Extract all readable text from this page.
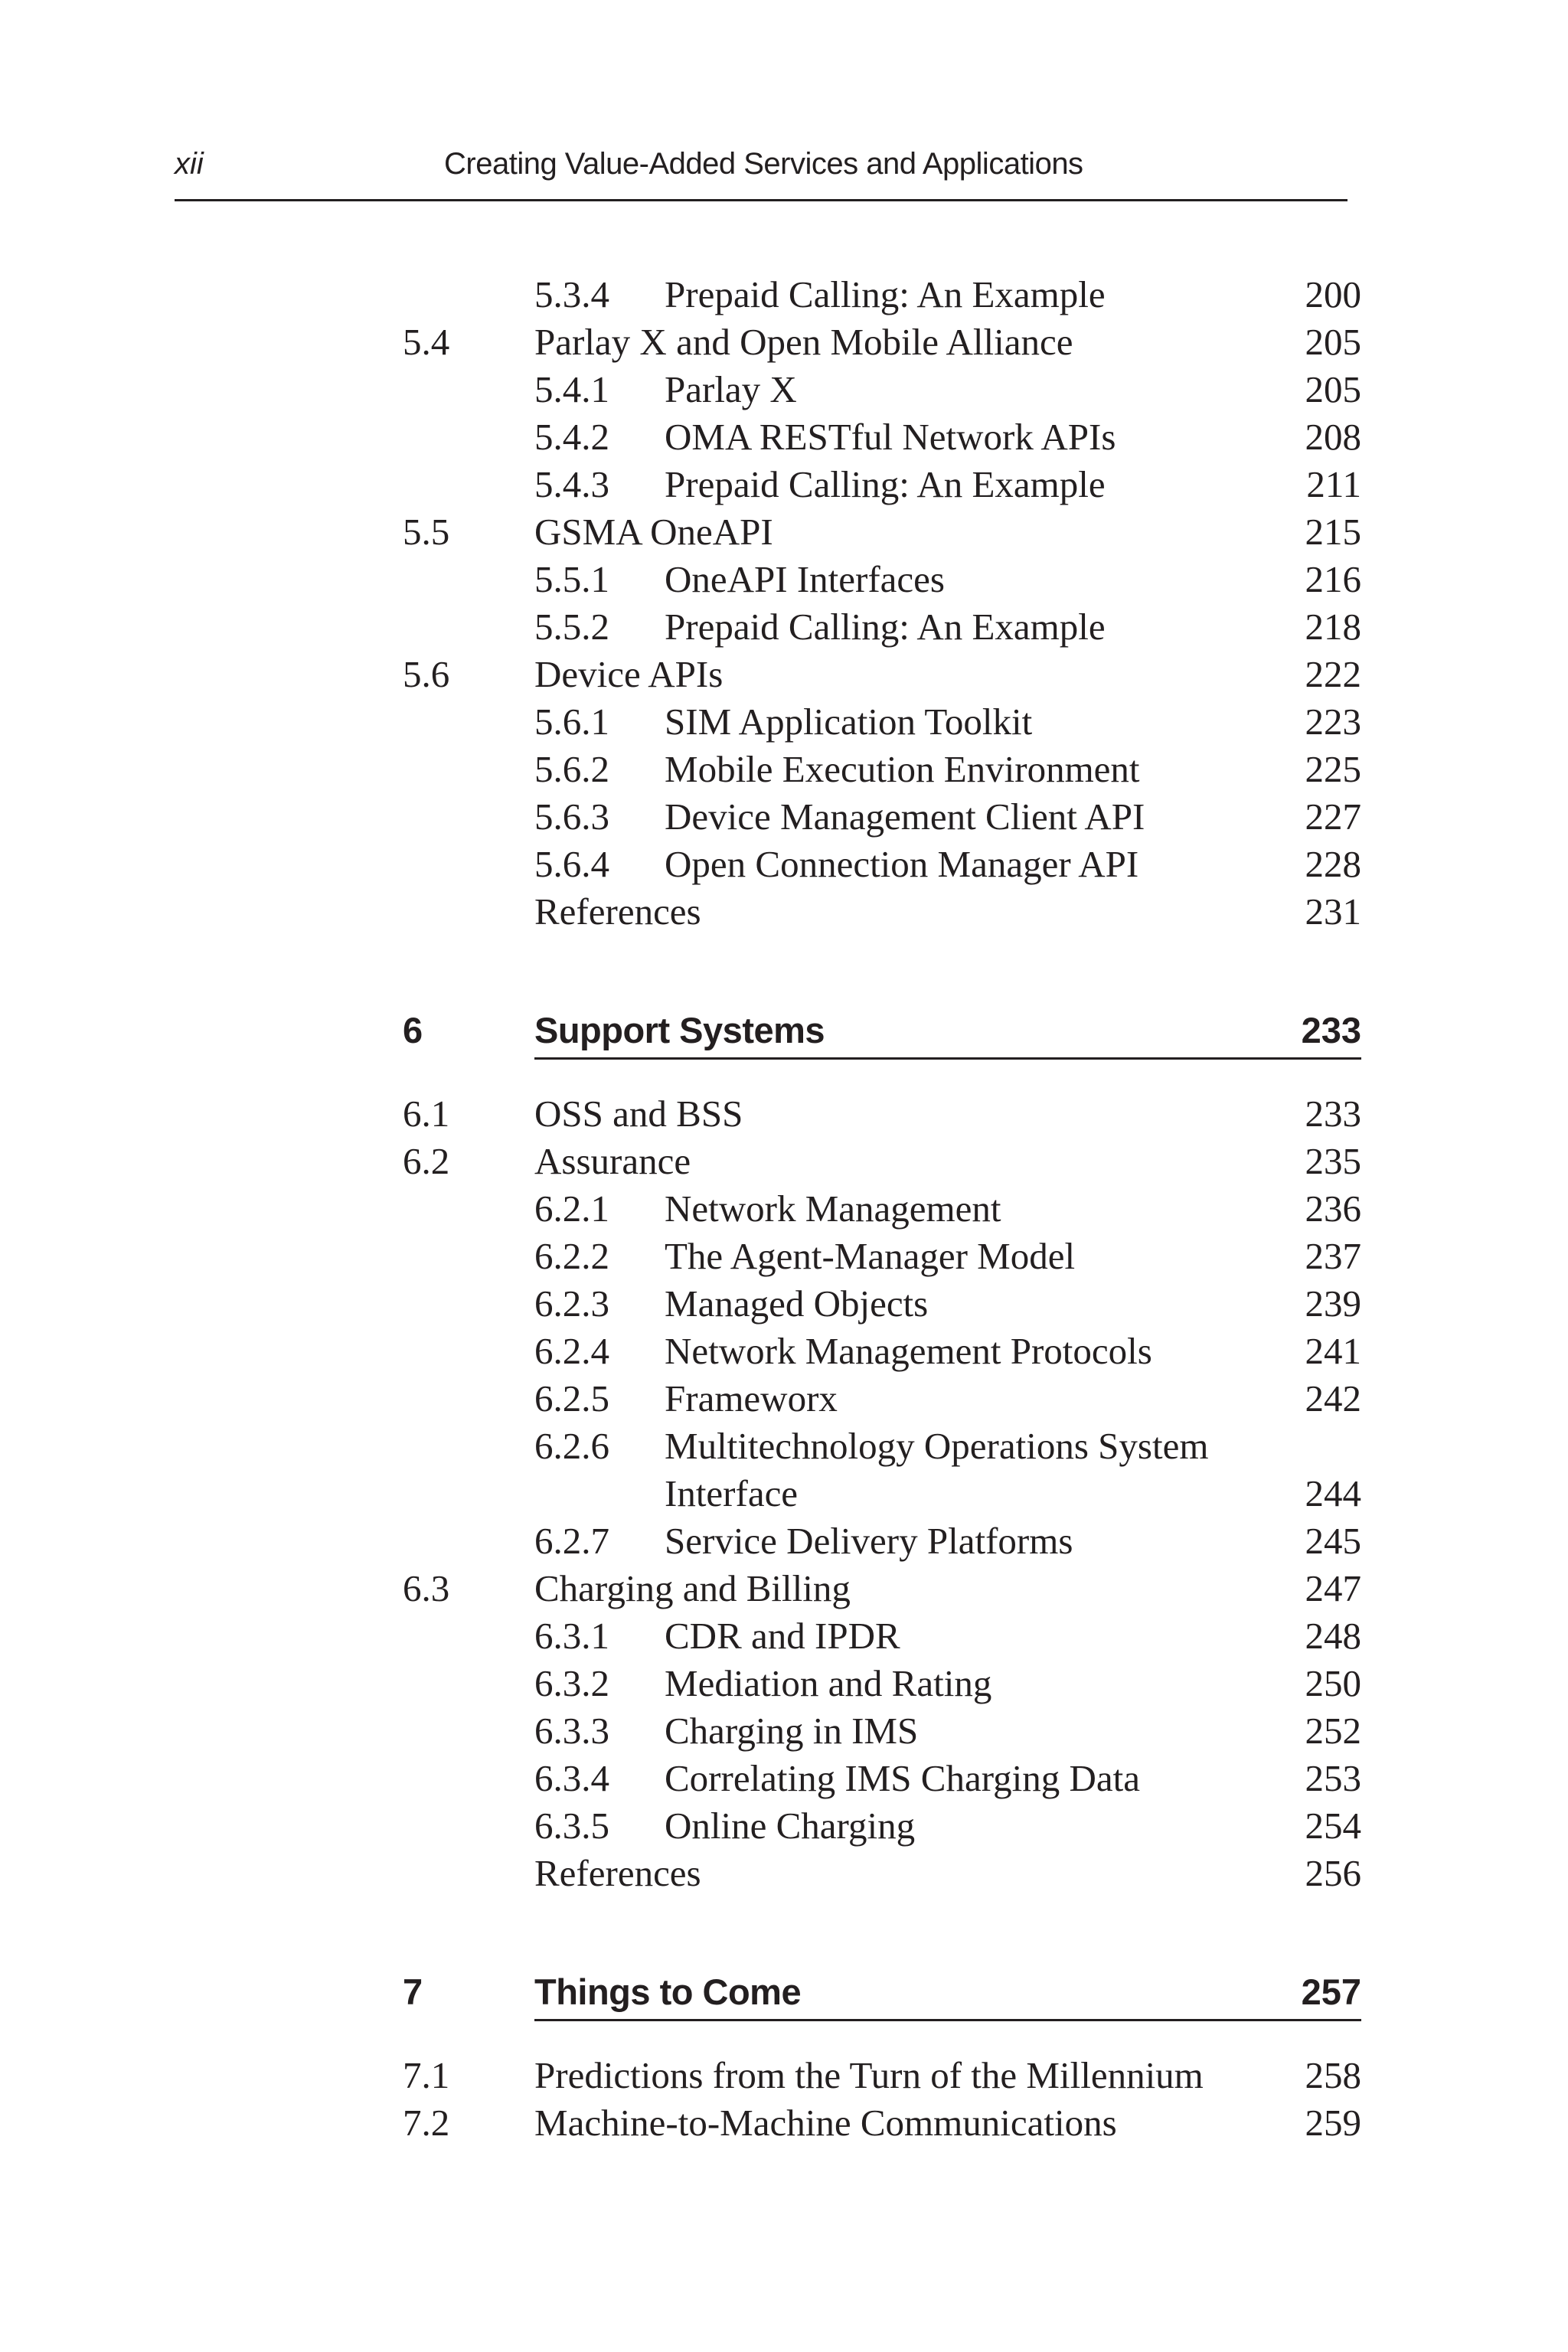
xii	Creating Value-Added Services and Applications
5.3.4 Prepaid Calling: An Example	200
5.4 Parlay X and Open Mobile Alliance	205
5.4.1 Parlay X	205
5.4.2 OMA RESTful Network APIs	208
5.4.3 Prepaid Calling: An Example	211
5.5 GSMA OneAPI	215
5.5.1 OneAPI Interfaces	216
5.5.2 Prepaid Calling: An Example	218
5.6 Device APIs	222
5.6.1 SIM Application Toolkit	223
5.6.2 Mobile Execution Environment	225
5.6.3 Device Management Client API	227
5.6.4 Open Connection Manager API	228
References	231
6	Support Systems	233
6.1 OSS and BSS	233
6.2 Assurance	235
6.2.1 Network Management	236
6.2.2 The Agent-Manager Model	237
6.2.3 Managed Objects	239
6.2.4 Network Management Protocols	241
6.2.5 Frameworx	242
6.2.6 Multitechnology Operations System
Interface	244
6.2.7 Service Delivery Platforms	245
6.3 Charging and Billing	247
6.3.1 CDR and IPDR	248
6.3.2 Mediation and Rating	250
6.3.3 Charging in IMS	252
6.3.4 Correlating IMS Charging Data	253
6.3.5 Online Charging	254
References	256
7	Things to Come	257
7.1 Predictions from the Turn of the Millennium	258
7.2 Machine-to-Machine Communications	259
